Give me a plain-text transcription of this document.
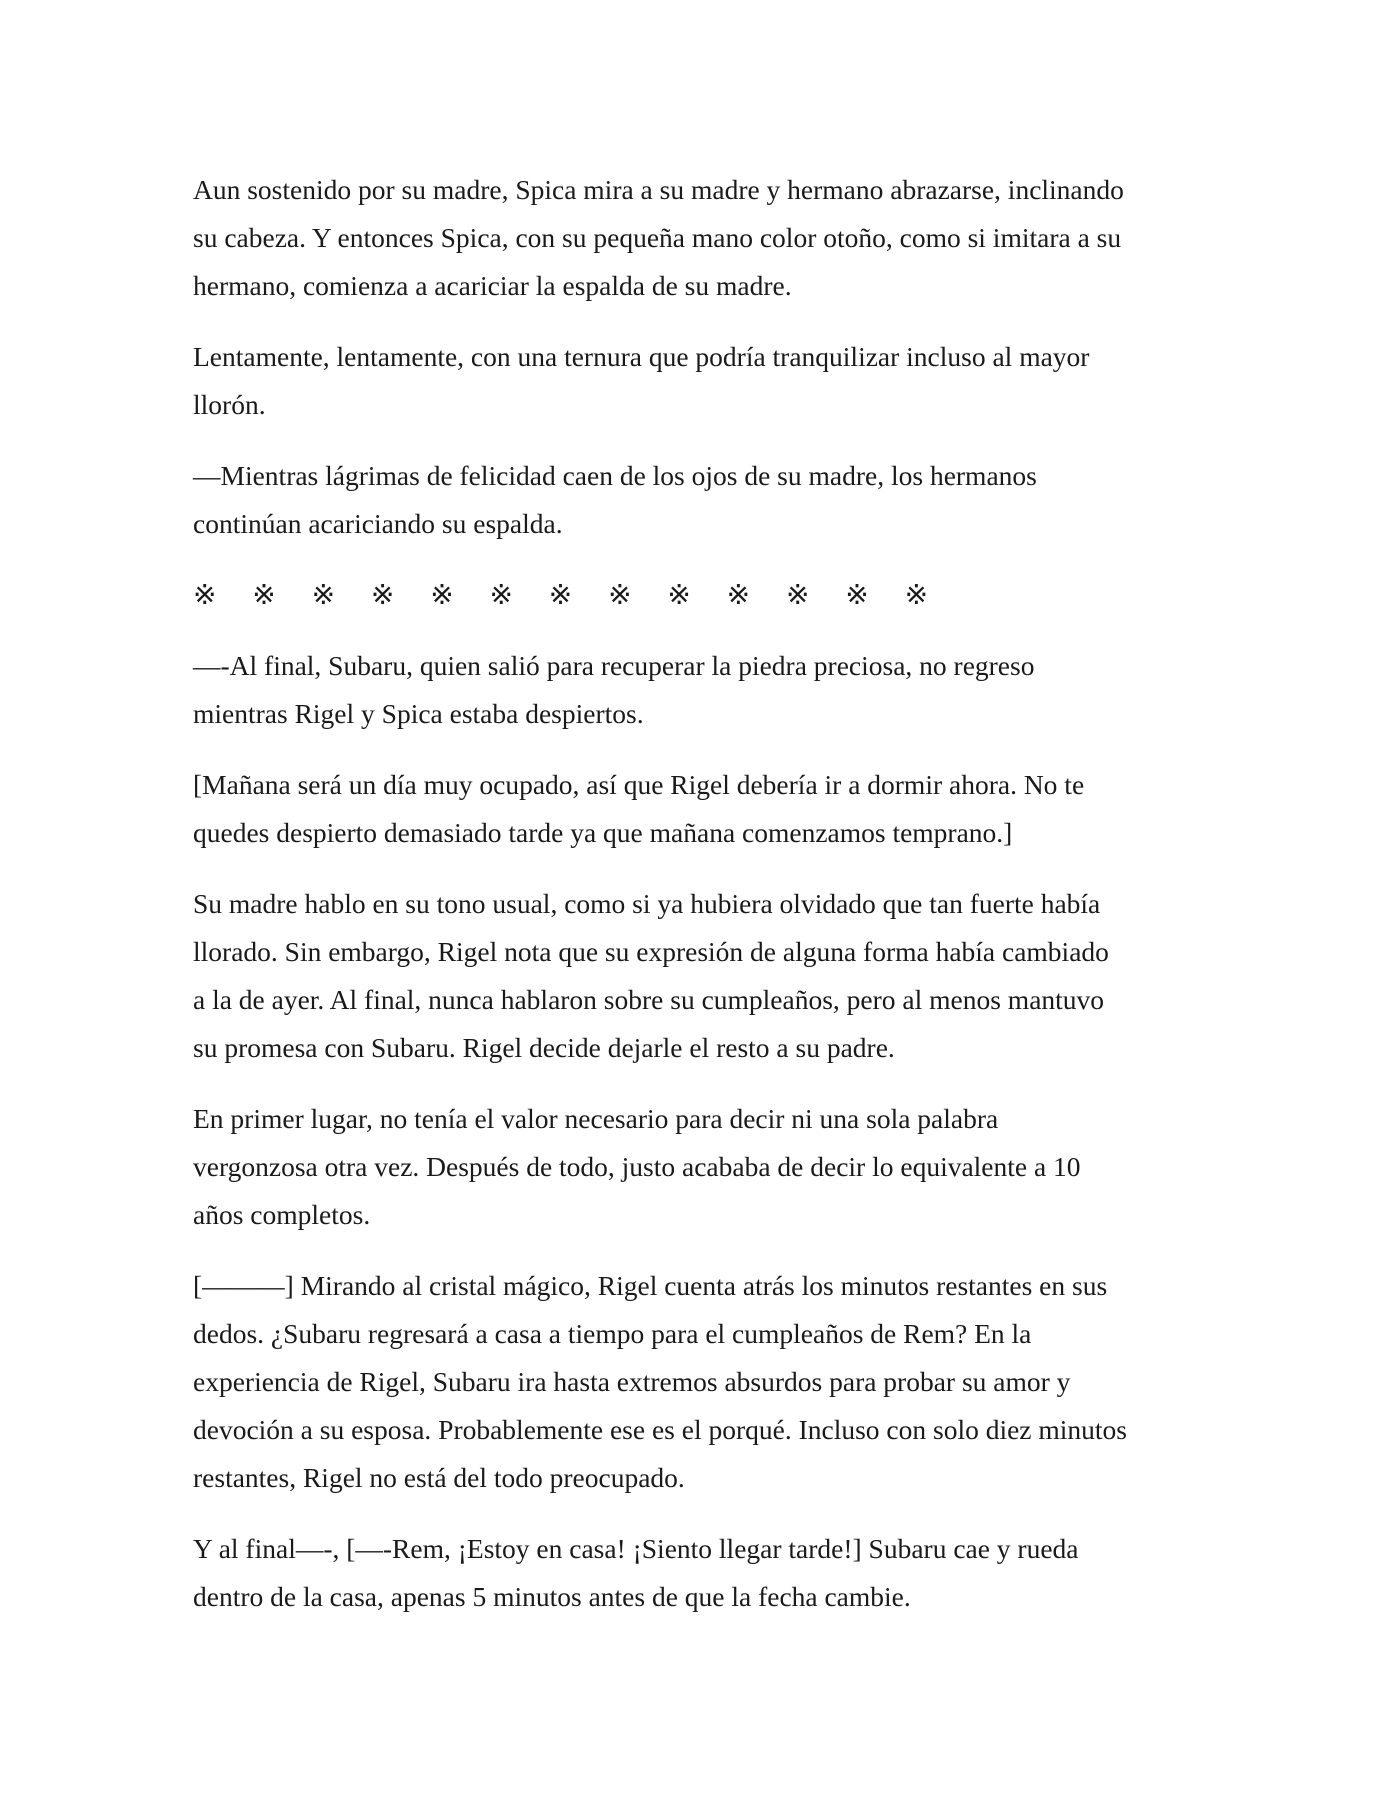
Aun sostenido por su madre, Spica mira a su madre y hermano abrazarse, inclinando
su cabeza. Y entonces Spica, con su pequeña mano color otoño, como si imitara a su
hermano, comienza a acariciar la espalda de su madre.

Lentamente, lentamente, con una ternura que podría tranquilizar incluso al mayor
llorón.

—Mientras lágrimas de felicidad caen de los ojos de su madre, los hermanos
continúan acariciando su espalda.

※	※	※	※	※	※	※	※	※	※	※	※	※

—-Al final, Subaru, quien salió para recuperar la piedra preciosa, no regreso
mientras Rigel y Spica estaba despiertos.

[Mañana será un día muy ocupado, así que Rigel debería ir a dormir ahora. No te
quedes despierto demasiado tarde ya que mañana comenzamos temprano.]

Su madre hablo en su tono usual, como si ya hubiera olvidado que tan fuerte había
llorado. Sin embargo, Rigel nota que su expresión de alguna forma había cambiado
a la de ayer. Al final, nunca hablaron sobre su cumpleaños, pero al menos mantuvo
su promesa con Subaru. Rigel decide dejarle el resto a su padre.

En primer lugar, no tenía el valor necesario para decir ni una sola palabra
vergonzosa otra vez. Después de todo, justo acababa de decir lo equivalente a 10
años completos.

[———] Mirando al cristal mágico, Rigel cuenta atrás los minutos restantes en sus
dedos. ¿Subaru regresará a casa a tiempo para el cumpleaños de Rem? En la
experiencia de Rigel, Subaru ira hasta extremos absurdos para probar su amor y
devoción a su esposa. Probablemente ese es el porqué. Incluso con solo diez minutos
restantes, Rigel no está del todo preocupado.

Y al final—-, [—-Rem, ¡Estoy en casa! ¡Siento llegar tarde!] Subaru cae y rueda
dentro de la casa, apenas 5 minutos antes de que la fecha cambie.
